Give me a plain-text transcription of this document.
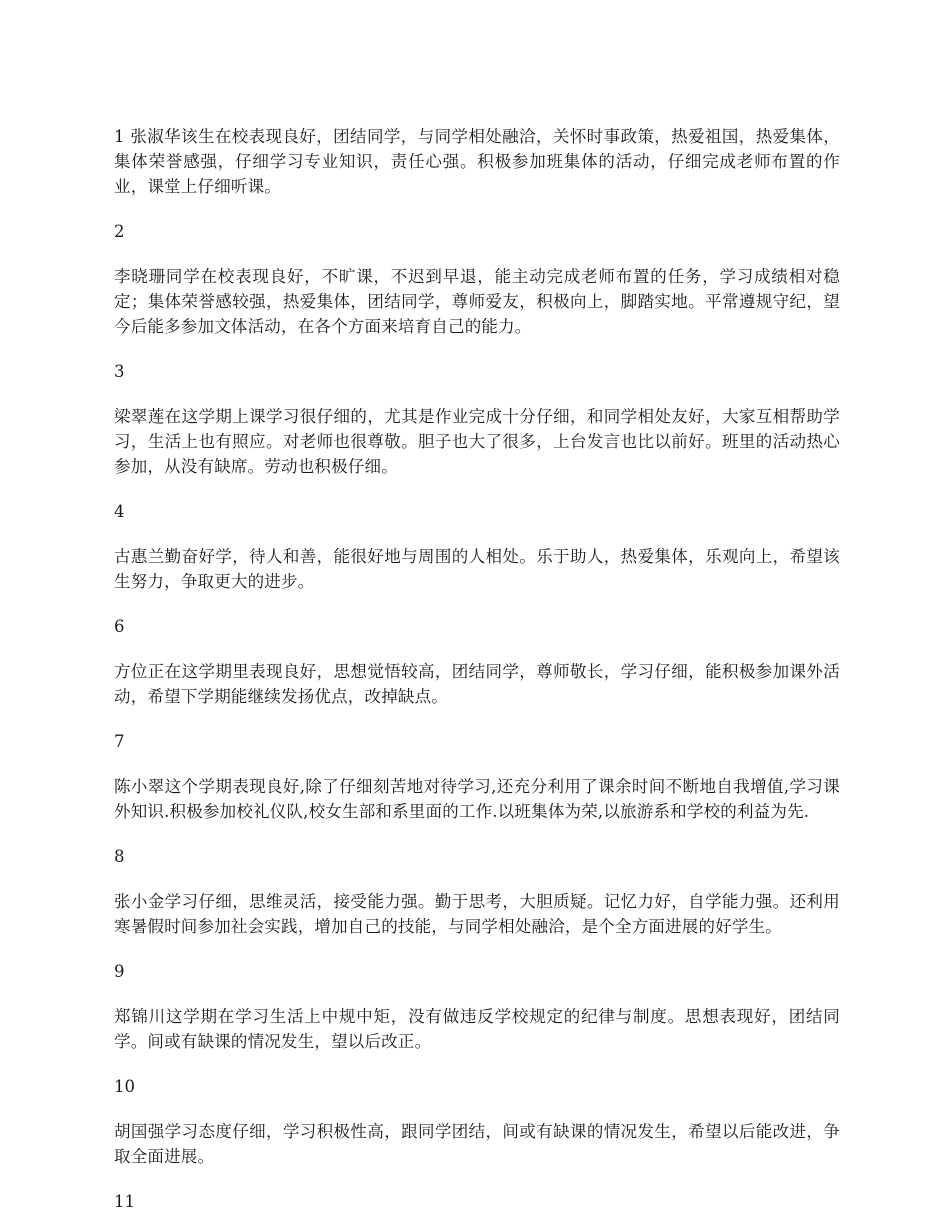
1 张淑华该生在校表现良好，团结同学，与同学相处融洽，关怀时事政策，热爱祖国，热爱集体，集体荣誉感强，仔细学习专业知识，责任心强。积极参加班集体的活动，仔细完成老师布置的作业，课堂上仔细听课。

2

李晓珊同学在校表现良好，不旷课，不迟到早退，能主动完成老师布置的任务，学习成绩相对稳定；集体荣誉感较强，热爱集体，团结同学，尊师爱友，积极向上，脚踏实地。平常遵规守纪，望今后能多参加文体活动，在各个方面来培育自己的能力。

3

梁翠莲在这学期上课学习很仔细的，尤其是作业完成十分仔细，和同学相处友好，大家互相帮助学习，生活上也有照应。对老师也很尊敬。胆子也大了很多，上台发言也比以前好。班里的活动热心参加，从没有缺席。劳动也积极仔细。

4

古惠兰勤奋好学，待人和善，能很好地与周围的人相处。乐于助人，热爱集体，乐观向上，希望该生努力，争取更大的进步。

6

方位正在这学期里表现良好，思想觉悟较高，团结同学，尊师敬长，学习仔细，能积极参加课外活动，希望下学期能继续发扬优点，改掉缺点。

7

陈小翠这个学期表现良好,除了仔细刻苦地对待学习,还充分利用了课余时间不断地自我增值,学习课外知识.积极参加校礼仪队,校女生部和系里面的工作.以班集体为荣,以旅游系和学校的利益为先.

8

张小金学习仔细，思维灵活，接受能力强。勤于思考，大胆质疑。记忆力好，自学能力强。还利用寒暑假时间参加社会实践，增加自己的技能，与同学相处融洽，是个全方面进展的好学生。

9

郑锦川这学期在学习生活上中规中矩，没有做违反学校规定的纪律与制度。思想表现好，团结同学。间或有缺课的情况发生，望以后改正。

10

胡国强学习态度仔细，学习积极性高，跟同学团结，间或有缺课的情况发生，希望以后能改进，争取全面进展。

11
